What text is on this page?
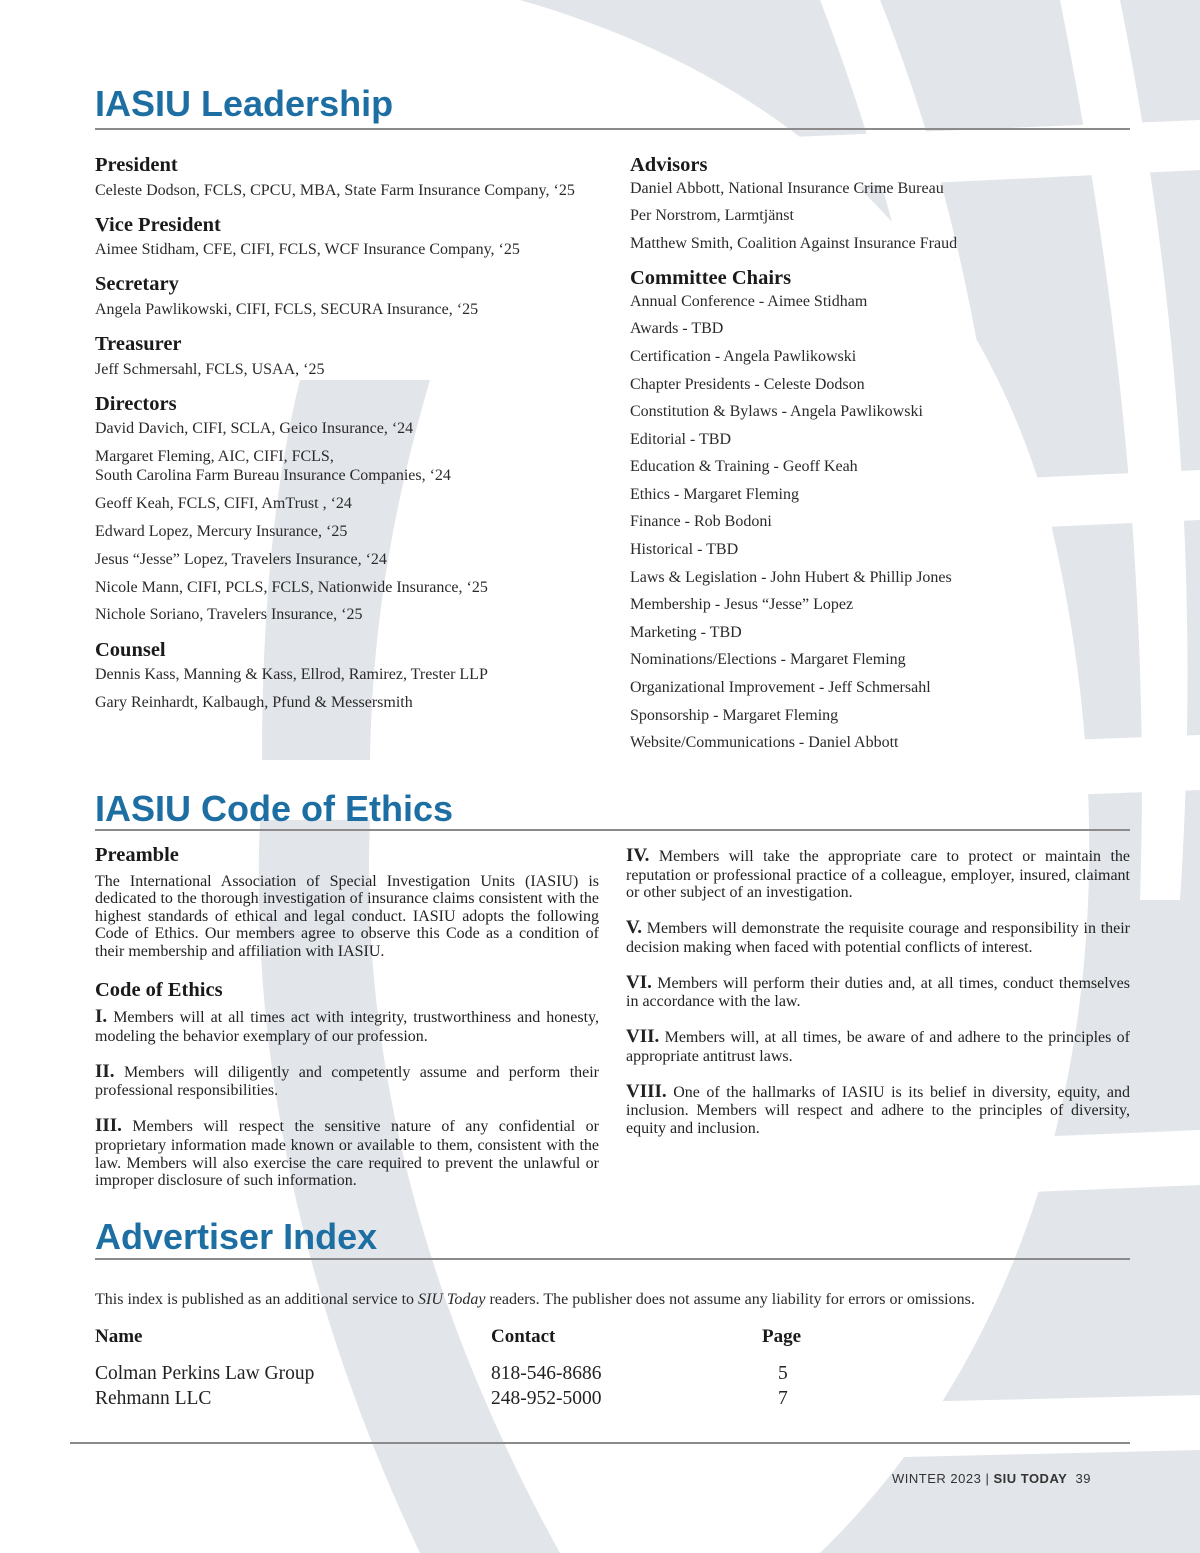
IASIU Leadership
President
Celeste Dodson, FCLS, CPCU, MBA, State Farm Insurance Company, ‘25
Vice President
Aimee Stidham, CFE, CIFI, FCLS, WCF Insurance Company, ‘25
Secretary
Angela Pawlikowski, CIFI, FCLS, SECURA Insurance, ‘25
Treasurer
Jeff Schmersahl, FCLS, USAA, ‘25
Directors
David Davich, CIFI, SCLA, Geico Insurance, ‘24
Margaret Fleming, AIC, CIFI, FCLS,
South Carolina Farm Bureau Insurance Companies, ‘24
Geoff Keah, FCLS, CIFI, AmTrust , ‘24
Edward Lopez, Mercury Insurance, ‘25
Jesus “Jesse” Lopez, Travelers Insurance, ‘24
Nicole Mann, CIFI, PCLS, FCLS, Nationwide Insurance, ‘25
Nichole Soriano, Travelers Insurance, ‘25
Counsel
Dennis Kass, Manning & Kass, Ellrod, Ramirez, Trester LLP
Gary Reinhardt, Kalbaugh, Pfund & Messersmith
Advisors
Daniel Abbott, National Insurance Crime Bureau
Per Norstrom, Larmtjänst
Matthew Smith, Coalition Against Insurance Fraud
Committee Chairs
Annual Conference - Aimee Stidham
Awards - TBD
Certification - Angela Pawlikowski
Chapter Presidents - Celeste Dodson
Constitution & Bylaws - Angela Pawlikowski
Editorial - TBD
Education & Training - Geoff Keah
Ethics - Margaret Fleming
Finance - Rob Bodoni
Historical - TBD
Laws & Legislation - John Hubert & Phillip Jones
Membership - Jesus “Jesse” Lopez
Marketing - TBD
Nominations/Elections - Margaret Fleming
Organizational Improvement - Jeff Schmersahl
Sponsorship - Margaret Fleming
Website/Communications - Daniel Abbott
IASIU Code of Ethics
Preamble

The International Association of Special Investigation Units (IASIU) is dedicated to the thorough investigation of insurance claims consistent with the highest standards of ethical and legal conduct. IASIU adopts the following Code of Ethics. Our members agree to observe this Code as a condition of their membership and affiliation with IASIU.

Code of Ethics

I. Members will at all times act with integrity, trustworthiness and honesty, modeling the behavior exemplary of our profession.

II. Members will diligently and competently assume and perform their professional responsibilities.

III. Members will respect the sensitive nature of any confidential or proprietary information made known or available to them, consistent with the law. Members will also exercise the care required to prevent the unlawful or improper disclosure of such information.

IV. Members will take the appropriate care to protect or maintain the reputation or professional practice of a colleague, employer, insured, claimant or other subject of an investigation.

V. Members will demonstrate the requisite courage and responsibility in their decision making when faced with potential conflicts of interest.

VI. Members will perform their duties and, at all times, conduct themselves in accordance with the law.

VII. Members will, at all times, be aware of and adhere to the principles of appropriate antitrust laws.

VIII. One of the hallmarks of IASIU is its belief in diversity, equity, and inclusion. Members will respect and adhere to the principles of diversity, equity and inclusion.

Advertiser Index

This index is published as an additional service to SIU Today readers. The publisher does not assume any liability for errors or omissions.

Name	Contact	Page
Colman Perkins Law Group	818-546-8686	5
Rehmann LLC	248-952-5000	7
WINTER 2023 | SIU TODAY 39
